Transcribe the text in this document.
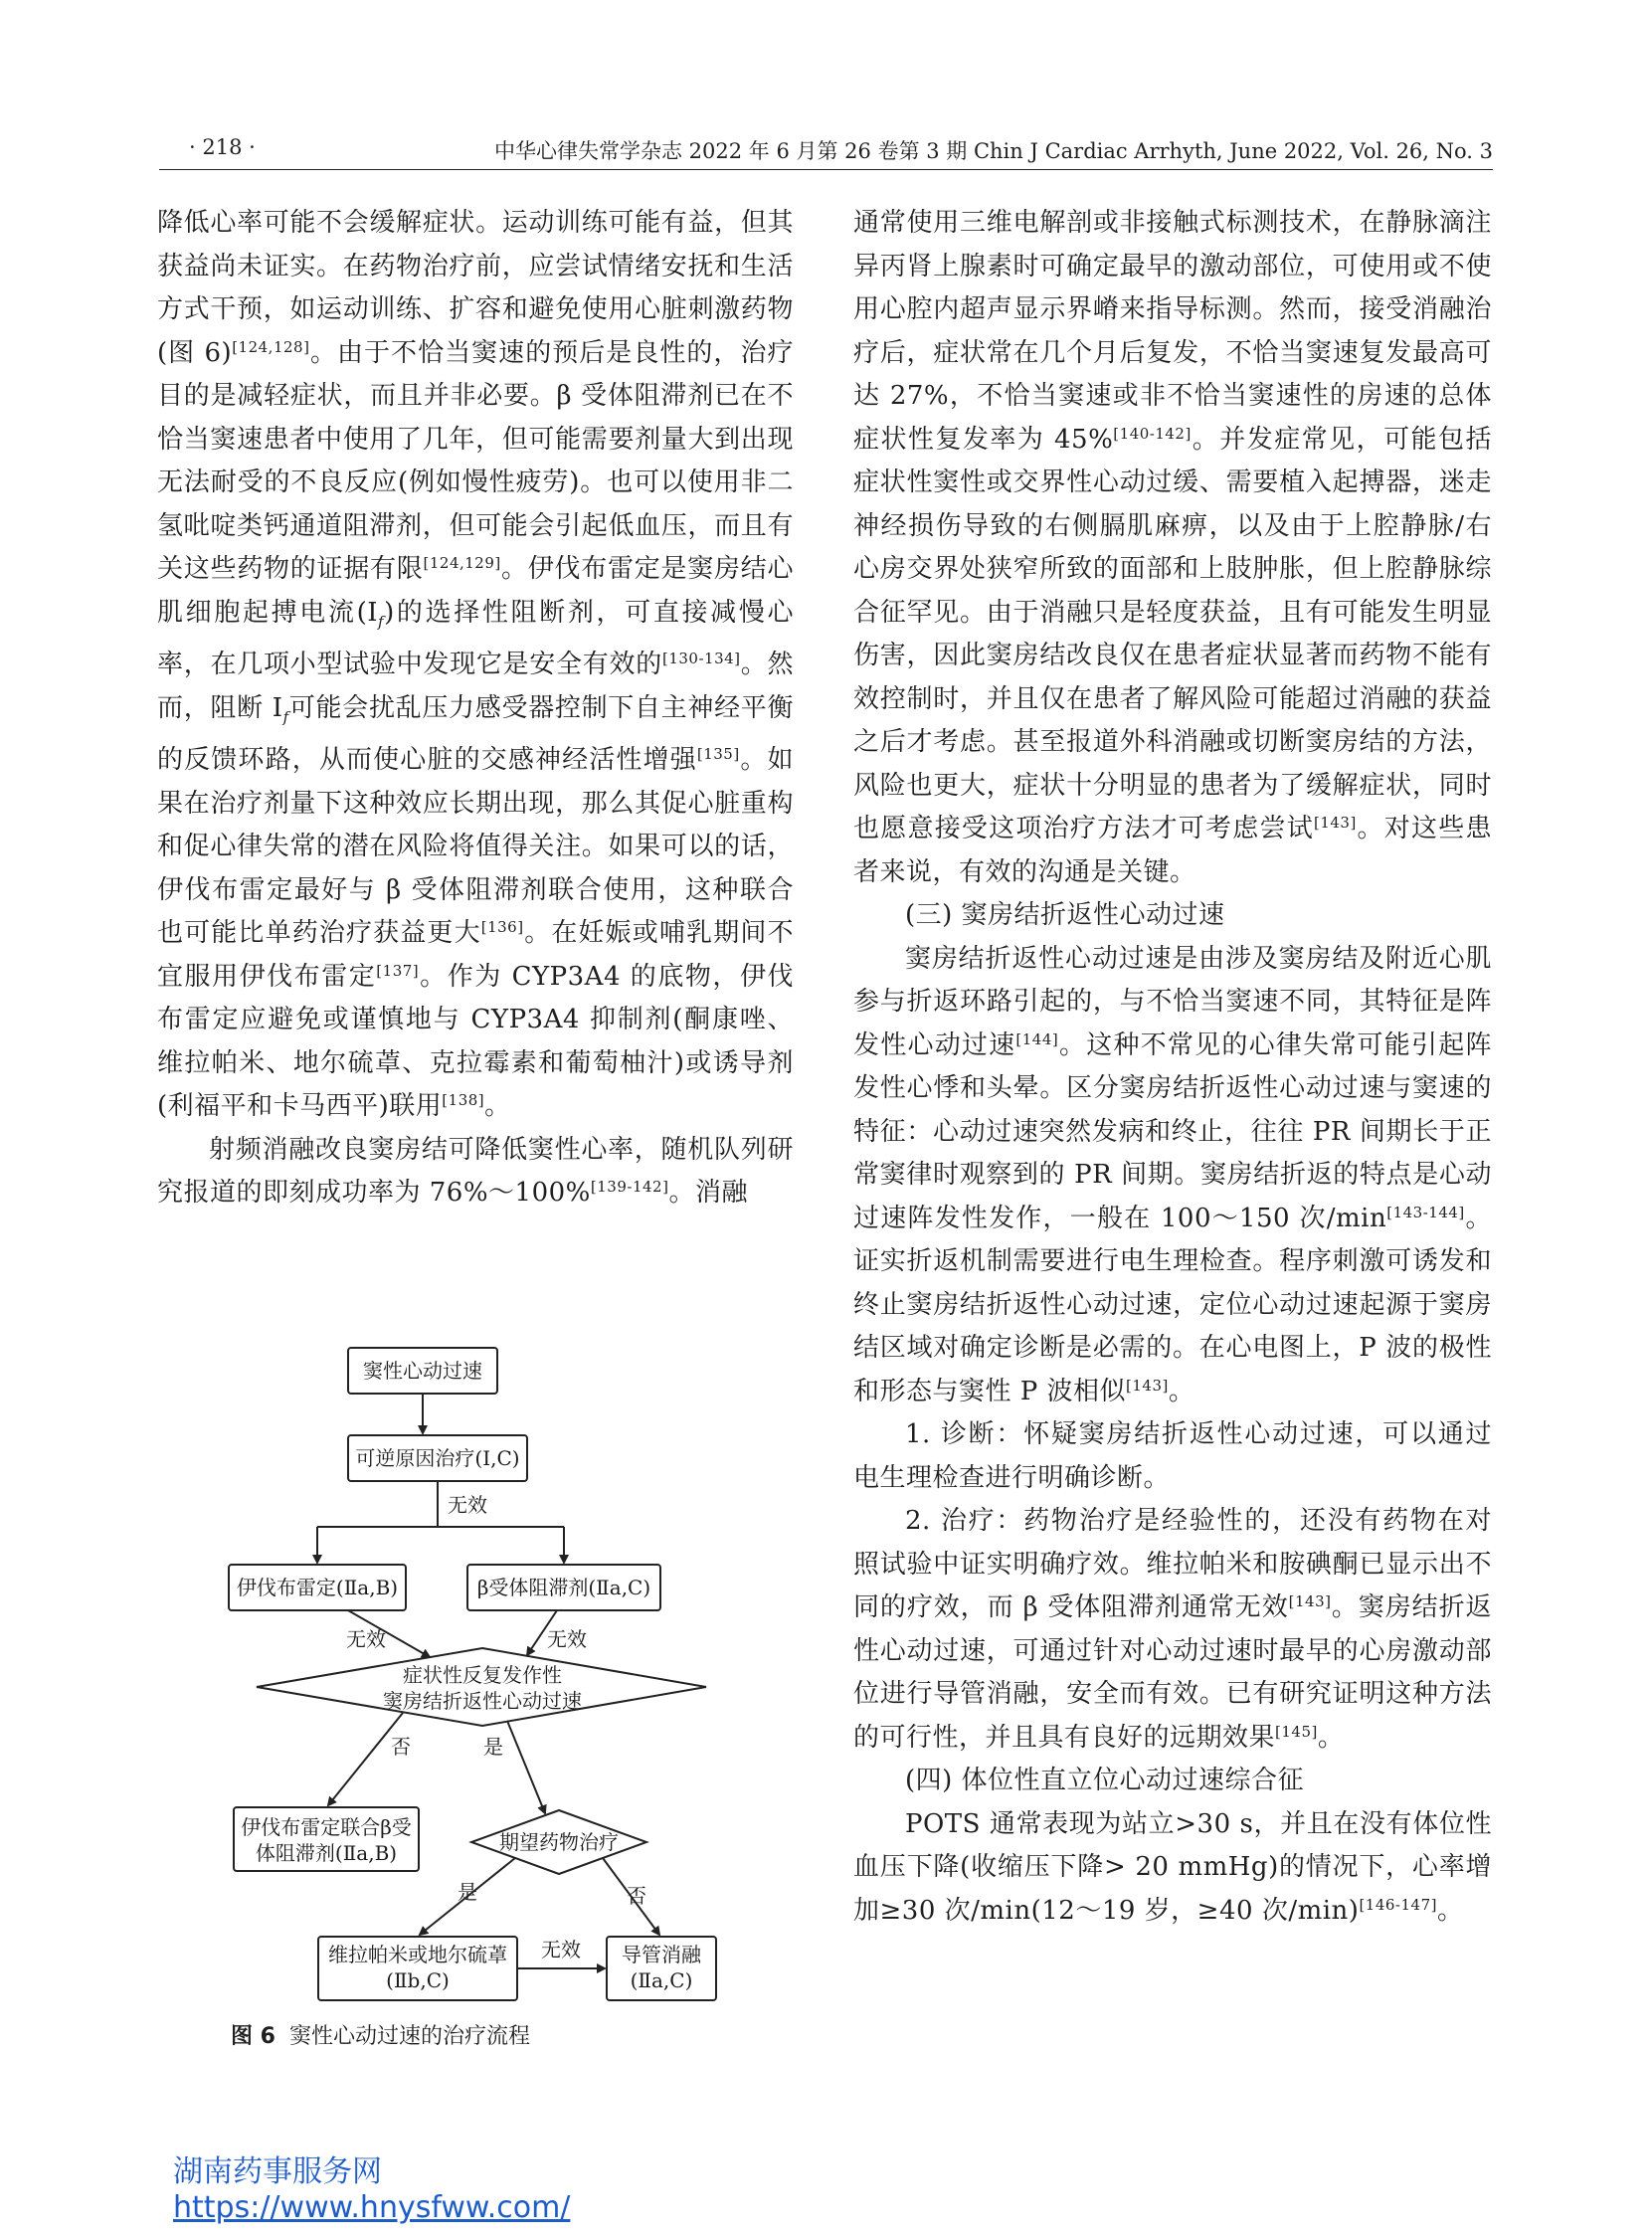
· 218 ·	中华心律失常学杂志 2022 年 6 月第 26 卷第 3 期 Chin J Cardiac Arrhyth, June 2022, Vol. 26, No. 3

降低心率可能不会缓解症状。运动训练可能有益，但其获益尚未证实。在药物治疗前，应尝试情绪安抚和生活方式干预，如运动训练、扩容和避免使用心脏刺激药物(图 6)[124,128]。由于不恰当窦速的预后是良性的，治疗目的是减轻症状，而且并非必要。β 受体阻滞剂已在不恰当窦速患者中使用了几年，但可能需要剂量大到出现无法耐受的不良反应(例如慢性疲劳)。也可以使用非二氢吡啶类钙通道阻滞剂，但可能会引起低血压，而且有关这些药物的证据有限[124,129]。伊伐布雷定是窦房结心肌细胞起搏电流$(I_f)$的选择性阻断剂，可直接减慢心率，在几项小型试验中发现它是安全有效的[130-134]。然而，阻断 $I_f$可能会扰乱压力感受器控制下自主神经平衡的反馈环路，从而使心脏的交感神经活性增强[135]。如果在治疗剂量下这种效应长期出现，那么其促心脏重构和促心律失常的潜在风险将值得关注。如果可以的话，伊伐布雷定最好与 β 受体阻滞剂联合使用，这种联合也可能比单药治疗获益更大[136]。在妊娠或哺乳期间不宜服用伊伐布雷定[137]。作为 CYP3A4 的底物，伊伐布雷定应避免或谨慎地与 CYP3A4 抑制剂(酮康唑、维拉帕米、地尔硫䓬、克拉霉素和葡萄柚汁)或诱导剂(利福平和卡马西平)联用[138]。

射频消融改良窦房结可降低窦性心率，随机队列研究报道的即刻成功率为 76%～100%[139-142]。消融

通常使用三维电解剖或非接触式标测技术，在静脉滴注异丙肾上腺素时可确定最早的激动部位，可使用或不使用心腔内超声显示界嵴来指导标测。然而，接受消融治疗后，症状常在几个月后复发，不恰当窦速复发最高可达 27%，不恰当窦速或非不恰当窦速性的房速的总体症状性复发率为 45%[140-142]。并发症常见，可能包括症状性窦性或交界性心动过缓、需要植入起搏器，迷走神经损伤导致的右侧膈肌麻痹，以及由于上腔静脉/右心房交界处狭窄所致的面部和上肢肿胀，但上腔静脉综合征罕见。由于消融只是轻度获益，且有可能发生明显伤害，因此窦房结改良仅在患者症状显著而药物不能有效控制时，并且仅在患者了解风险可能超过消融的获益之后才考虑。甚至报道外科消融或切断窦房结的方法，风险也更大，症状十分明显的患者为了缓解症状，同时也愿意接受这项治疗方法才可考虑尝试[143]。对这些患者来说，有效的沟通是关键。

(三) 窦房结折返性心动过速

窦房结折返性心动过速是由涉及窦房结及附近心肌参与折返环路引起的，与不恰当窦速不同，其特征是阵发性心动过速[144]。这种不常见的心律失常可能引起阵发性心悸和头晕。区分窦房结折返性心动过速与窦速的特征：心动过速突然发病和终止，往往 PR 间期长于正常窦律时观察到的 PR 间期。窦房结折返的特点是心动过速阵发性发作，一般在 100～150 次/min[143-144]。证实折返机制需要进行电生理检查。程序刺激可诱发和终止窦房结折返性心动过速，定位心动过速起源于窦房结区域对确定诊断是必需的。在心电图上，P 波的极性和形态与窦性 P 波相似[143]。

1. 诊断：怀疑窦房结折返性心动过速，可以通过电生理检查进行明确诊断。

2. 治疗：药物治疗是经验性的，还没有药物在对照试验中证实明确疗效。维拉帕米和胺碘酮已显示出不同的疗效，而 β 受体阻滞剂通常无效[143]。窦房结折返性心动过速，可通过针对心动过速时最早的心房激动部位进行导管消融，安全而有效。已有研究证明这种方法的可行性，并且具有良好的远期效果[145]。

(四) 体位性直立位心动过速综合征

POTS 通常表现为站立>30 s，并且在没有体位性血压下降(收缩压下降> 20 mmHg)的情况下，心率增加≥30 次/min(12～19 岁，≥40 次/min)[146-147]。

窦性心动过速
可逆原因治疗(I,C)
无效
伊伐布雷定(Ⅱa,B)	β受体阻滞剂(Ⅱa,C)
无效	无效
症状性反复发作性
窦房结折返性心动过速
否	是
伊伐布雷定联合β受
体阻滞剂(Ⅱa,B)	期望药物治疗
是	否
维拉帕米或地尔硫䓬
(Ⅱb,C)
无效 导管消融
(Ⅱa,C)
图 6 窦性心动过速的治疗流程
湖南药事服务网
https://www.hnysfww.com/
